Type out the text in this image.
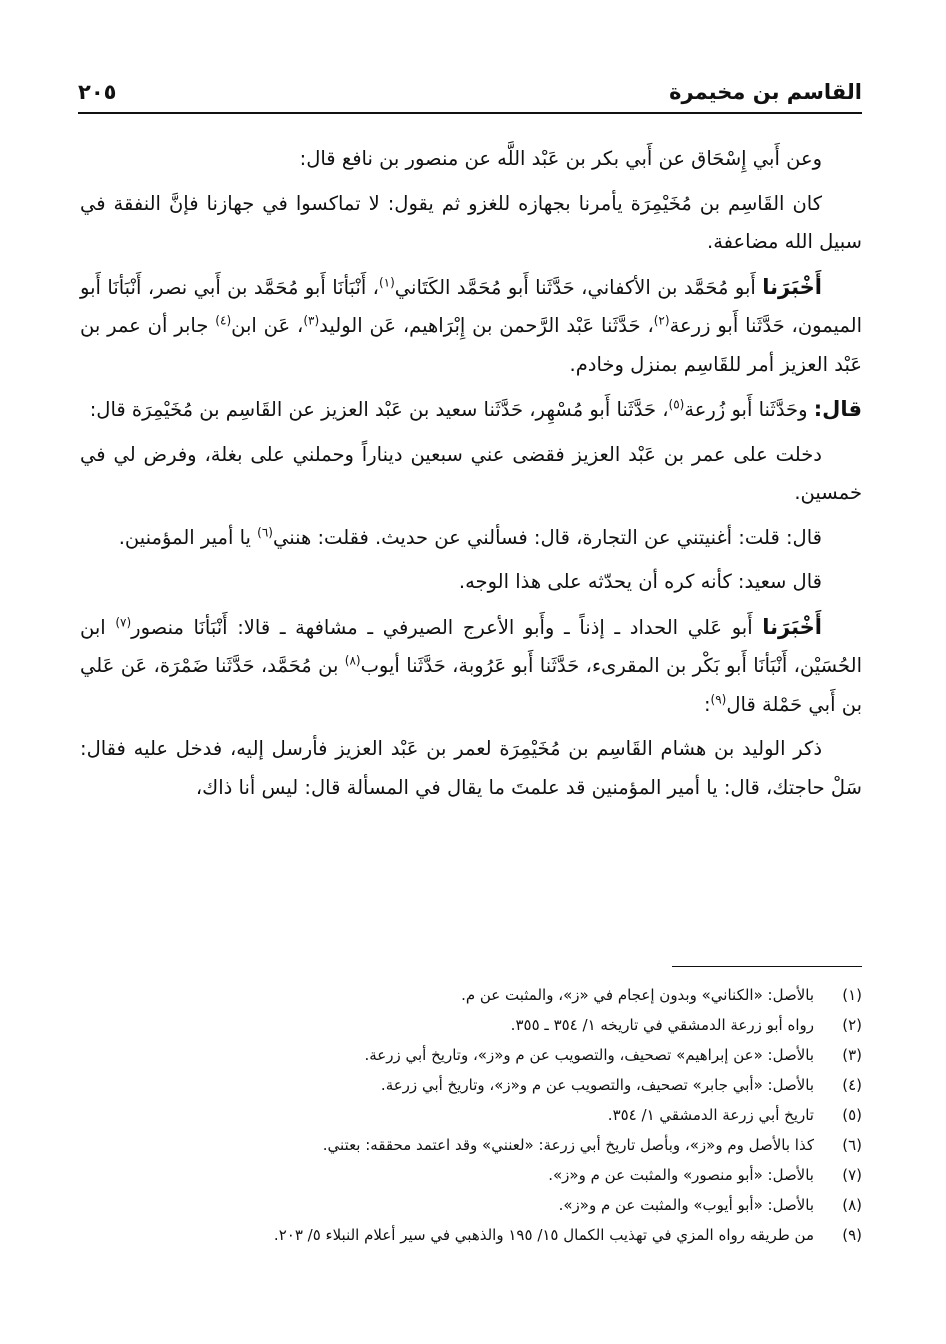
القاسم بن مخيمرة
٢٠٥

وعن أَبي إِسْحَاق عن أَبي بكر بن عَبْد اللَّه عن منصور بن نافع قال:

كان القَاسِم بن مُخَيْمِرَة يأمرنا بجهازه للغزو ثم يقول: لا تماكسوا في جهازنا فإنَّ النفقة في سبيل الله مضاعفة.

أَخْبَرَنا أَبو مُحَمَّد بن الأكفاني، حَدَّثَنا أَبو مُحَمَّد الكَتَاني$^{(١)}$، أَنْبَأنَا أَبو مُحَمَّد بن أَبي نصر، أَنْبَأنَا أَبو الميمون، حَدَّثَنا أَبو زرعة$^{(٢)}$، حَدَّثَنا عَبْد الرَّحمن بن إِبْرَاهيم، عَن الوليد$^{(٣)}$، عَن ابن$^{(٤)}$ جابر أن عمر بن عَبْد العزيز أمر للقَاسِم بمنزل وخادم.

قال: وحَدَّثَنا أَبو زُرعة$^{(٥)}$، حَدَّثَنا أَبو مُسْهِر، حَدَّثَنا سعيد بن عَبْد العزيز عن القَاسِم بن مُخَيْمِرَة قال:

دخلت على عمر بن عَبْد العزيز فقضى عني سبعين ديناراً وحملني على بغلة، وفرض لي في خمسين.

قال: قلت: أغنيتني عن التجارة، قال: فسألني عن حديث. فقلت: هنني$^{(٦)}$ يا أمير المؤمنين.

قال سعيد: كأنه كره أن يحدّثه على هذا الوجه.

أَخْبَرَنا أَبو عَلي الحداد ـ إذناً ـ وأَبو الأعرج الصيرفي ـ مشافهة ـ قالا: أَنْبَأنَا منصور$^{(٧)}$ ابن الحُسَيْن، أَنْبَأنَا أَبو بَكْر بن المقرىء، حَدَّثَنا أَبو عَرُوبة، حَدَّثَنا أيوب$^{(٨)}$ بن مُحَمَّد، حَدَّثَنا ضَمْرَة، عَن عَلي بن أَبي حَمْلة قال$^{(٩)}$:

ذكر الوليد بن هشام القَاسِم بن مُخَيْمِرَة لعمر بن عَبْد العزيز فأرسل إليه، فدخل عليه فقال: سَلْ حاجتك، قال: يا أمير المؤمنين قد علمتَ ما يقال في المسألة قال: ليس أنا ذاك،

(١)
بالأصل: «الكناني» وبدون إعجام في «ز»، والمثبت عن م.
(٢)
رواه أبو زرعة الدمشقي في تاريخه ١/ ٣٥٤ ـ ٣٥٥.
(٣)
بالأصل: «عن إبراهيم» تصحيف، والتصويب عن م و«ز»، وتاريخ أبي زرعة.
(٤)
بالأصل: «أبي جابر» تصحيف، والتصويب عن م و«ز»، وتاريخ أبي زرعة.
(٥)
تاريخ أبي زرعة الدمشقي ١/ ٣٥٤.
(٦)
كذا بالأصل وم و«ز»، وبأصل تاريخ أبي زرعة: «لعنني» وقد اعتمد محققه: بعتني.
(٧)
بالأصل: «أبو منصور» والمثبت عن م و«ز».
(٨)
بالأصل: «أبو أيوب» والمثبت عن م و«ز».
(٩)
من طريقه رواه المزي في تهذيب الكمال ١٥/ ١٩٥ والذهبي في سير أعلام النبلاء ٥/ ٢٠٣.
